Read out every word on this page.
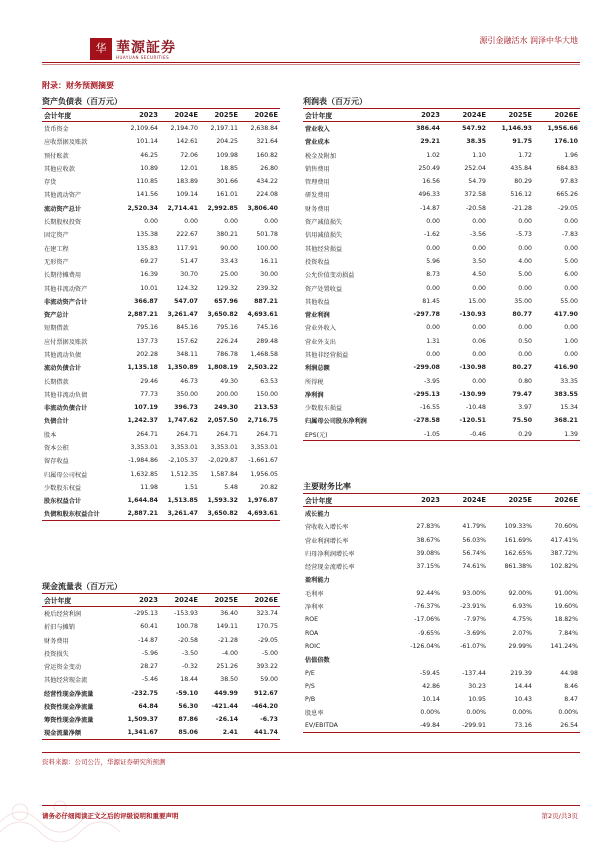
华 華源証券
HUAYUAN SECURITIES
源引金融活水 润泽中华大地
附录：财务预测摘要
资产负债表（百万元）	利润表（百万元）
现金流量表（百万元）
主要财务比率
会计年度	2023	2024E	2025E	2026E
货币资金	2,109.64	2,194.70	2,197.11	2,638.84
应收票据及账款	101.14	142.61	204.25	321.64
预付账款	46.25	72.06	109.98	160.82
其他应收款	10.89	12.01	18.85	26.80
存货	110.85	183.89	301.66	434.22
其他流动资产	141.56	109.14	161.01	224.08
流动资产总计	2,520.34	2,714.41	2,992.85	3,806.40
长期股权投资	0.00	0.00	0.00	0.00
固定资产	135.38	222.67	380.21	501.78
在建工程	135.83	117.91	90.00	100.00
无形资产	69.27	51.47	33.43	16.11
长期待摊费用	16.39	30.70	25.00	30.00
其他非流动资产	10.01	124.32	129.32	239.32
非流动资产合计	366.87	547.07	657.96	887.21
资产总计	2,887.21	3,261.47	3,650.82	4,693.61
短期借款	795.16	845.16	795.16	745.16
应付票据及账款	137.73	157.62	226.24	289.48
其他流动负债	202.28	348.11	786.78	1,468.58
流动负债合计	1,135.18	1,350.89	1,808.19	2,503.22
长期借款	29.46	46.73	49.30	63.53
其他非流动负债	77.73	350.00	200.00	150.00
非流动负债合计	107.19	396.73	249.30	213.53
负债合计	1,242.37	1,747.62	2,057.50	2,716.75
股本	264.71	264.71	264.71	264.71
资本公积	3,353.01	3,353.01	3,353.01	3,353.01
留存收益	-1,984.86	-2,105.37	-2,029.87	-1,661.67
归属母公司权益	1,632.85	1,512.35	1,587.84	1,956.05
少数股东权益	11.98	1.51	5.48	20.82
股东权益合计	1,644.84	1,513.85	1,593.32	1,976.87
负债和股东权益合计	2,887.21	3,261.47	3,650.82	4,693.61
会计年度	2023	2024E	2025E	2026E
营业收入	386.44	547.92	1,146.93	1,956.66
营业成本	29.21	38.35	91.75	176.10
税金及附加	1.02	1.10	1.72	1.96
销售费用	250.49	252.04	435.84	684.83
管理费用	16.56	54.79	80.29	97.83
研发费用	496.33	372.58	516.12	665.26
财务费用	-14.87	-20.58	-21.28	-29.05
资产减值损失	0.00	0.00	0.00	0.00
信用减值损失	-1.62	-3.56	-5.73	-7.83
其他经营损益	0.00	0.00	0.00	0.00
投资收益	5.96	3.50	4.00	5.00
公允价值变动损益	8.73	4.50	5.00	6.00
资产处置收益	0.00	0.00	0.00	0.00
其他收益	81.45	15.00	35.00	55.00
营业利润	-297.78	-130.93	80.77	417.90
营业外收入	0.00	0.00	0.00	0.00
营业外支出	1.31	0.06	0.50	1.00
其他非经营损益	0.00	0.00	0.00	0.00
利润总额	-299.08	-130.98	80.27	416.90
所得税	-3.95	0.00	0.80	33.35
净利润	-295.13	-130.99	79.47	383.55
少数股东损益	-16.55	-10.48	3.97	15.34
归属母公司股东净利润	-278.58	-120.51	75.50	368.21
EPS(元)	-1.05	-0.46	0.29	1.39
会计年度	2023	2024E	2025E	2026E
税后经营利润	-295.13	-153.93	36.40	323.74
折旧与摊销	60.41	100.78	149.11	170.75
财务费用	-14.87	-20.58	-21.28	-29.05
投资损失	-5.96	-3.50	-4.00	-5.00
营运资金变动	28.27	-0.32	251.26	393.22
其他经营现金流	-5.46	18.44	38.50	59.00
经营性现金净流量	-232.75	-59.10	449.99	912.67
投资性现金净流量	64.84	56.30	-421.44	-464.20
筹资性现金净流量	1,509.37	87.86	-26.14	-6.73
现金流量净额	1,341.67	85.06	2.41	441.74
会计年度	2023	2024E	2025E	2026E
成长能力				
营收收入增长率	27.83%	41.79%	109.33%	70.60%
营业利润增长率	38.67%	56.03%	161.69%	417.41%
归母净利润增长率	39.08%	56.74%	162.65%	387.72%
经营现金流增长率	37.15%	74.61%	861.38%	102.82%
盈利能力				
毛利率	92.44%	93.00%	92.00%	91.00%
净利率	-76.37%	-23.91%	6.93%	19.60%
ROE	-17.06%	-7.97%	4.75%	18.82%
ROA	-9.65%	-3.69%	2.07%	7.84%
ROIC	-126.04%	-61.07%	29.99%	141.24%
估值倍数				
P/E	-59.45	-137.44	219.39	44.98
P/S	42.86	30.23	14.44	8.46
P/B	10.14	10.95	10.43	8.47
股息率	0.00%	0.00%	0.00%	0.00%
EV/EBITDA	-49.84	-299.91	73.16	26.54
资料来源：公司公告，华源证券研究所预测
请务必仔细阅读正文之后的评级说明和重要声明	第2页/共3页
